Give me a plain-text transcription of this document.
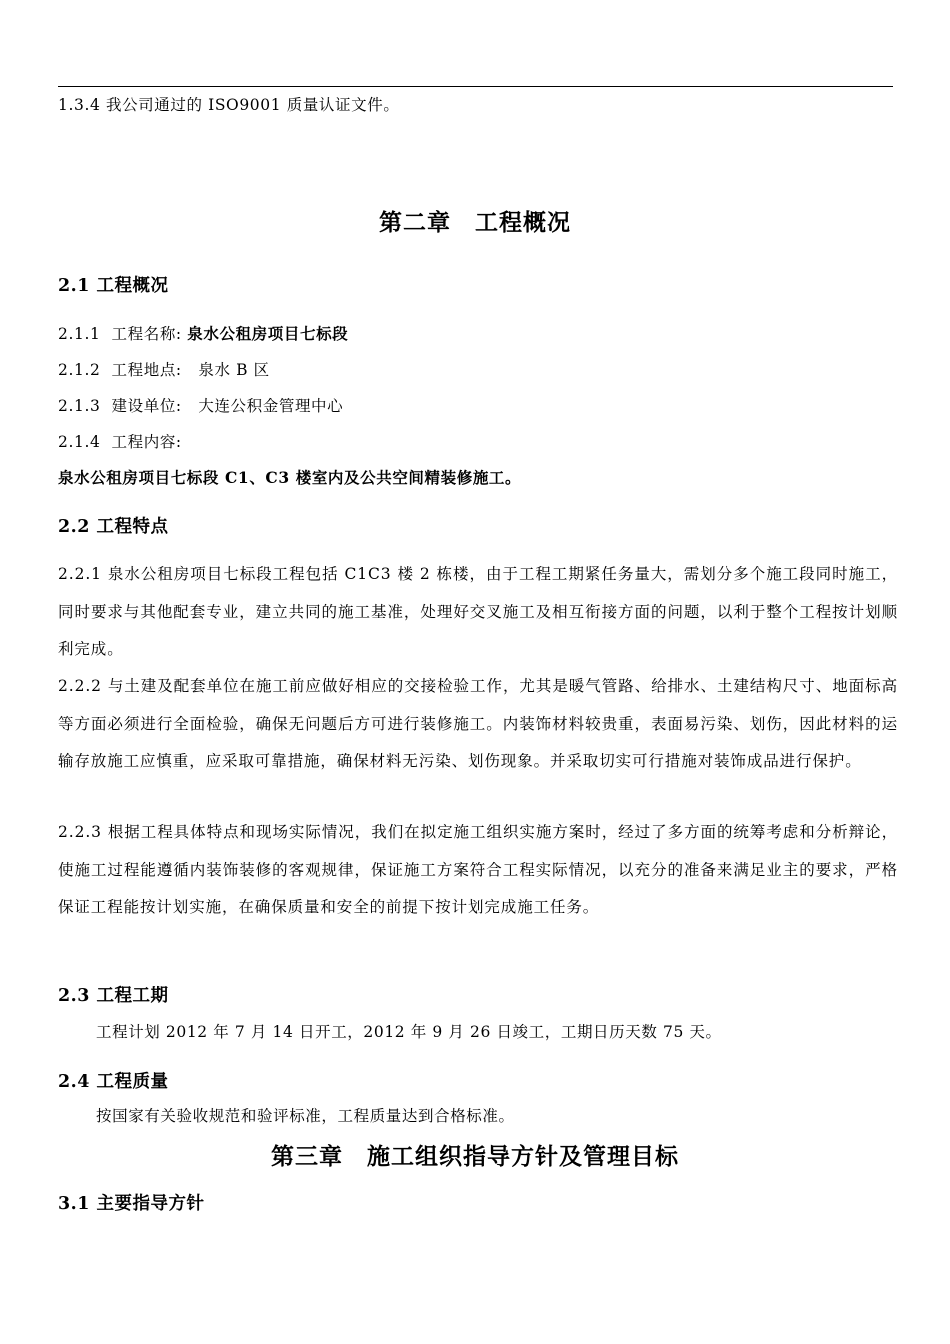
1.3.4 我公司通过的 ISO9001 质量认证文件。
第二章　工程概况
2.1 工程概况
2.1.1 工程名称: 泉水公租房项目七标段
2.1.2 工程地点: 泉水 B 区
2.1.3 建设单位: 大连公积金管理中心
2.1.4 工程内容:
泉水公租房项目七标段 C1、C3 楼室内及公共空间精装修施工。
2.2 工程特点
2.2.1 泉水公租房项目七标段工程包括 C1C3 楼 2 栋楼，由于工程工期紧任务量大，需划分多个施工段同时施工，同时要求与其他配套专业，建立共同的施工基准，处理好交叉施工及相互衔接方面的问题，以利于整个工程按计划顺利完成。
2.2.2 与土建及配套单位在施工前应做好相应的交接检验工作，尤其是暖气管路、给排水、土建结构尺寸、地面标高等方面必须进行全面检验，确保无问题后方可进行装修施工。内装饰材料较贵重，表面易污染、划伤，因此材料的运输存放施工应慎重，应采取可靠措施，确保材料无污染、划伤现象。并采取切实可行措施对装饰成品进行保护。
2.2.3 根据工程具体特点和现场实际情况，我们在拟定施工组织实施方案时，经过了多方面的统筹考虑和分析辩论，使施工过程能遵循内装饰装修的客观规律，保证施工方案符合工程实际情况，以充分的准备来满足业主的要求，严格保证工程能按计划实施，在确保质量和安全的前提下按计划完成施工任务。
2.3 工程工期
工程计划 2012 年 7 月 14 日开工，2012 年 9 月 26 日竣工，工期日历天数 75 天。
2.4 工程质量
按国家有关验收规范和验评标准，工程质量达到合格标准。
第三章　施工组织指导方针及管理目标
3.1 主要指导方针
